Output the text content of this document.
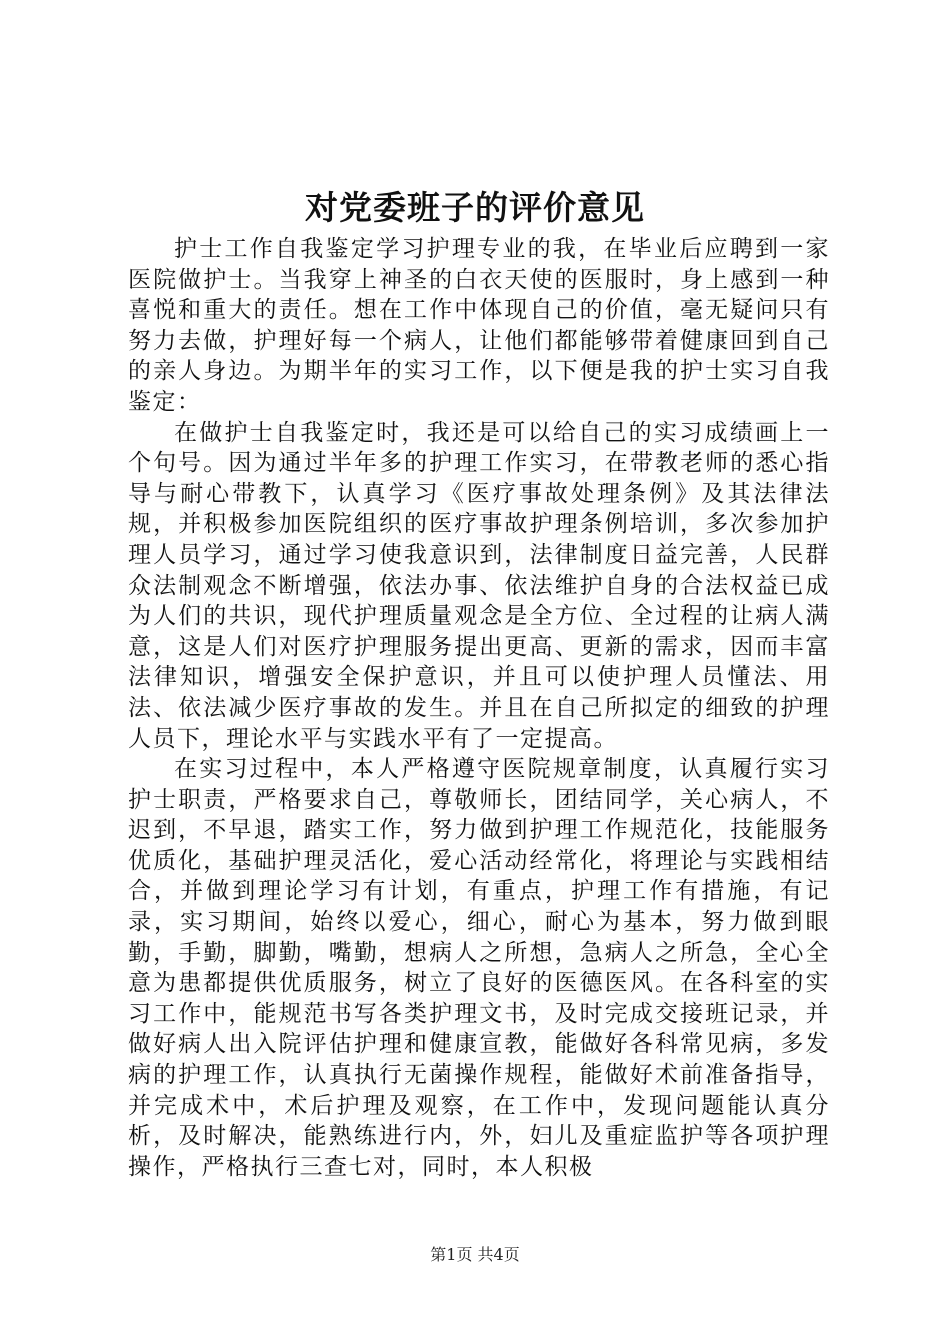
对党委班子的评价意见

护士工作自我鉴定学习护理专业的我，在毕业后应聘到一家医院做护士。当我穿上神圣的白衣天使的医服时，身上感到一种喜悦和重大的责任。想在工作中体现自己的价值，毫无疑问只有努力去做，护理好每一个病人，让他们都能够带着健康回到自己的亲人身边。为期半年的实习工作，以下便是我的护士实习自我鉴定：

在做护士自我鉴定时，我还是可以给自己的实习成绩画上一个句号。因为通过半年多的护理工作实习，在带教老师的悉心指导与耐心带教下，认真学习《医疗事故处理条例》及其法律法规，并积极参加医院组织的医疗事故护理条例培训，多次参加护理人员学习，通过学习使我意识到，法律制度日益完善，人民群众法制观念不断增强，依法办事、依法维护自身的合法权益已成为人们的共识，现代护理质量观念是全方位、全过程的让病人满意，这是人们对医疗护理服务提出更高、更新的需求，因而丰富法律知识，增强安全保护意识，并且可以使护理人员懂法、用法、依法减少医疗事故的发生。并且在自己所拟定的细致的护理人员下，理论水平与实践水平有了一定提高。

在实习过程中，本人严格遵守医院规章制度，认真履行实习护士职责，严格要求自己，尊敬师长，团结同学，关心病人，不迟到，不早退，踏实工作，努力做到护理工作规范化，技能服务优质化，基础护理灵活化，爱心活动经常化，将理论与实践相结合，并做到理论学习有计划，有重点，护理工作有措施，有记录，实习期间，始终以爱心，细心，耐心为基本，努力做到眼勤，手勤，脚勤，嘴勤，想病人之所想，急病人之所急，全心全意为患都提供优质服务，树立了良好的医德医风。在各科室的实习工作中，能规范书写各类护理文书，及时完成交接班记录，并做好病人出入院评估护理和健康宣教，能做好各科常见病，多发病的护理工作，认真执行无菌操作规程，能做好术前准备指导，并完成术中，术后护理及观察，在工作中，发现问题能认真分析，及时解决，能熟练进行内，外，妇儿及重症监护等各项护理操作，严格执行三查七对，同时，本人积极

第1页 共4页
